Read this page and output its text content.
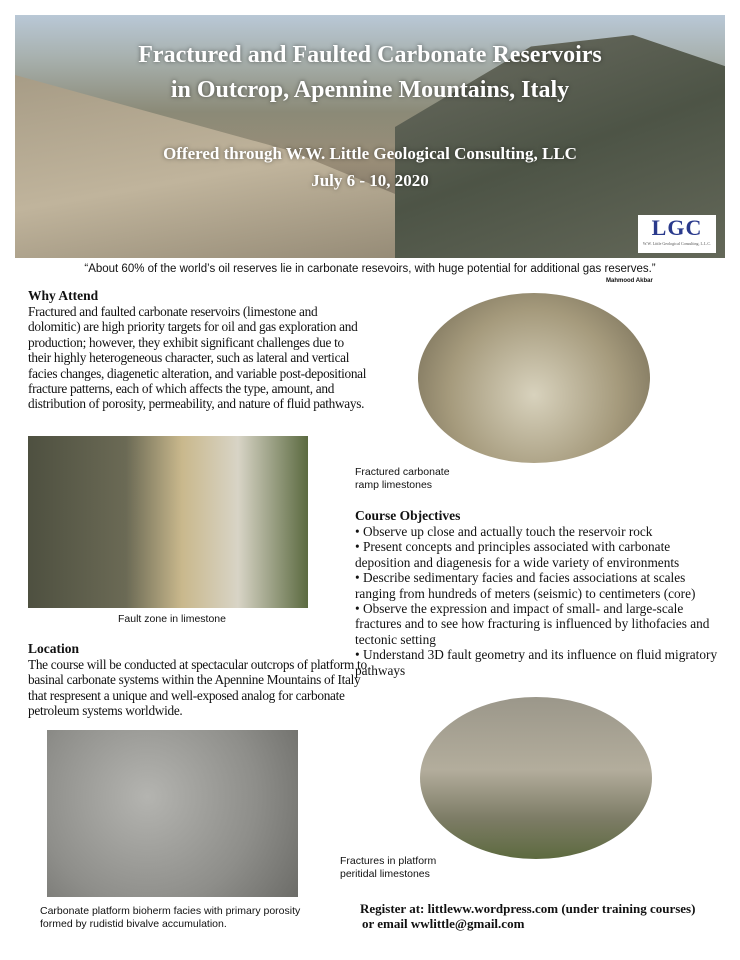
Fractured and Faulted Carbonate Reservoirs
in Outcrop, Apennine Mountains, Italy
Offered through W.W. Little Geological Consulting, LLC
July 6 - 10, 2020
LGC
W.W. Little Geological Consulting, L.L.C.
“About 60% of the world’s oil reserves lie in carbonate resevoirs, with huge potential for additional gas reserves.”
Mahmood Akbar
Why Attend
Fractured and faulted carbonate reservoirs (limestone and dolomitic) are high priority targets for oil and gas exploration and production; however, they exhibit significant challenges due to their highly heterogeneous character, such as lateral and vertical facies changes, diagenetic alteration, and variable post-depositional fracture patterns, each of which affects the type, amount, and distribution of porosity, permeability, and nature of fluid pathways.
Fault zone in limestone
Location
The course will be conducted at spectacular outcrops of platform to basinal carbonate systems within the Apennine Mountains of Italy that respresent a unique and well-exposed analog for carbonate petroleum systems worldwide.
Carbonate platform bioherm facies with primary porosity formed by rudistid bivalve accumulation.
Fractured carbonate ramp limestones
Course Objectives
• Observe up close and actually touch the reservoir rock
• Present concepts and principles associated with carbonate deposition and diagenesis for a wide variety of environments
• Describe sedimentary facies and facies associations at scales ranging from hundreds of meters (seismic) to centimeters (core)
• Observe the expression and impact of small- and large-scale fractures and to see how fracturing is influenced by lithofacies and tectonic setting
• Understand 3D fault geometry and its influence on fluid migratory pathways
Fractures in platform peritidal limestones
Register at: littleww.wordpress.com (under training courses)
or email wwlittle@gmail.com
